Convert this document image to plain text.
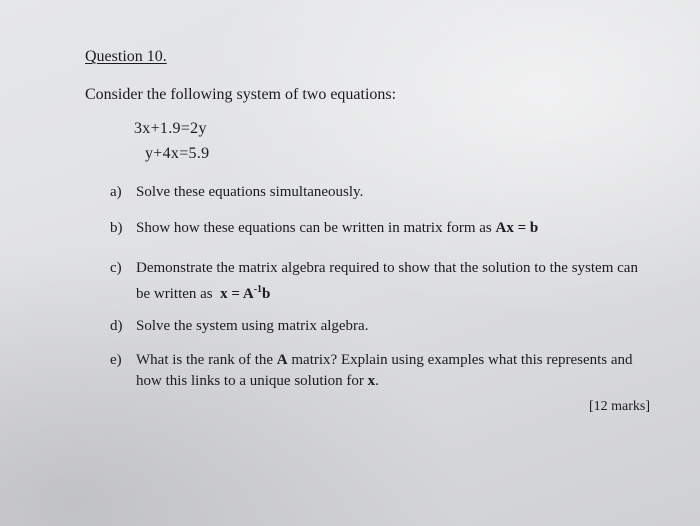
Question 10.
Consider the following system of two equations:
3x+1.9=2y
y+4x=5.9
a) Solve these equations simultaneously.
b) Show how these equations can be written in matrix form as Ax = b
c) Demonstrate the matrix algebra required to show that the solution to the system can
be written as $x = A^{-1}b$
d) Solve the system using matrix algebra.
e) What is the rank of the A matrix? Explain using examples what this represents and
how this links to a unique solution for x.
[12 marks]
